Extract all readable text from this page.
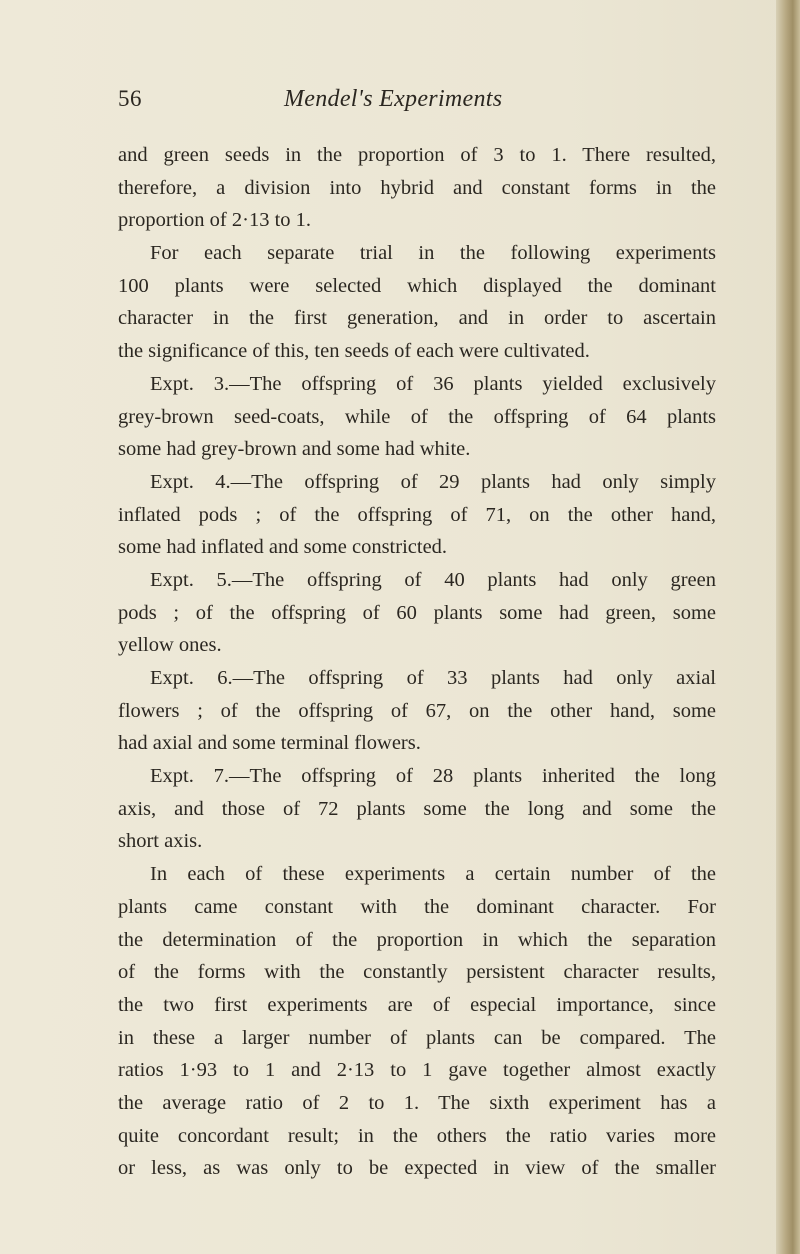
56	Mendel's Experiments
and green seeds in the proportion of 3 to 1. There resulted,
therefore, a division into hybrid and constant forms in the
proportion of 2·13 to 1.
For each separate trial in the following experiments
100 plants were selected which displayed the dominant
character in the first generation, and in order to ascertain
the significance of this, ten seeds of each were cultivated.
Expt. 3.—The offspring of 36 plants yielded exclusively
grey-brown seed-coats, while of the offspring of 64 plants
some had grey-brown and some had white.
Expt. 4.—The offspring of 29 plants had only simply
inflated pods ; of the offspring of 71, on the other hand,
some had inflated and some constricted.
Expt. 5.—The offspring of 40 plants had only green
pods ; of the offspring of 60 plants some had green, some
yellow ones.
Expt. 6.—The offspring of 33 plants had only axial
flowers ; of the offspring of 67, on the other hand, some
had axial and some terminal flowers.
Expt. 7.—The offspring of 28 plants inherited the long
axis, and those of 72 plants some the long and some the
short axis.
In each of these experiments a certain number of the
plants came constant with the dominant character. For
the determination of the proportion in which the separation
of the forms with the constantly persistent character results,
the two first experiments are of especial importance, since
in these a larger number of plants can be compared. The
ratios 1·93 to 1 and 2·13 to 1 gave together almost exactly
the average ratio of 2 to 1. The sixth experiment has a
quite concordant result; in the others the ratio varies more
or less, as was only to be expected in view of the smaller
